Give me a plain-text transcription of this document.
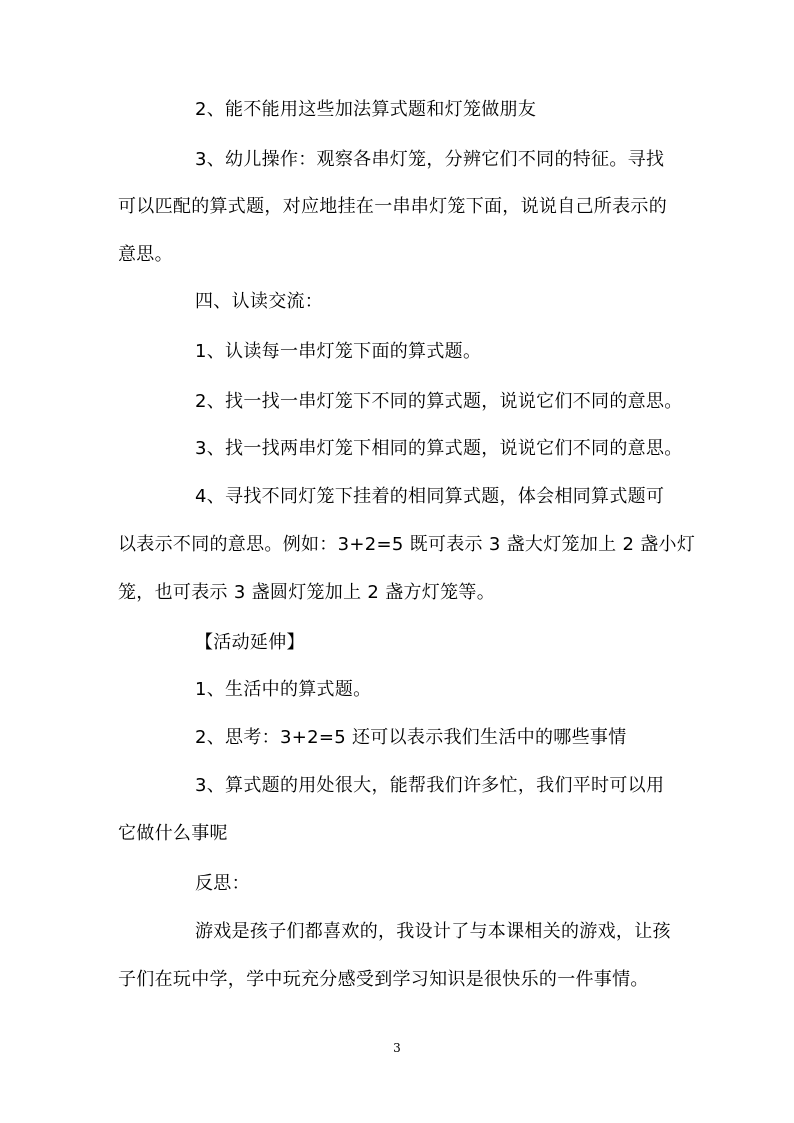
2、能不能用这些加法算式题和灯笼做朋友
3、幼儿操作：观察各串灯笼，分辨它们不同的特征。寻找
可以匹配的算式题，对应地挂在一串串灯笼下面，说说自己所表示的
意思。
四、认读交流：
1、认读每一串灯笼下面的算式题。
2、找一找一串灯笼下不同的算式题，说说它们不同的意思。
3、找一找两串灯笼下相同的算式题，说说它们不同的意思。
4、寻找不同灯笼下挂着的相同算式题，体会相同算式题可
以表示不同的意思。例如：3+2=5 既可表示 3 盏大灯笼加上 2 盏小灯
笼，也可表示 3 盏圆灯笼加上 2 盏方灯笼等。
【活动延伸】
1、生活中的算式题。
2、思考：3+2=5 还可以表示我们生活中的哪些事情
3、算式题的用处很大，能帮我们许多忙，我们平时可以用
它做什么事呢
反思：
游戏是孩子们都喜欢的，我设计了与本课相关的游戏，让孩
子们在玩中学，学中玩充分感受到学习知识是很快乐的一件事情。
3
